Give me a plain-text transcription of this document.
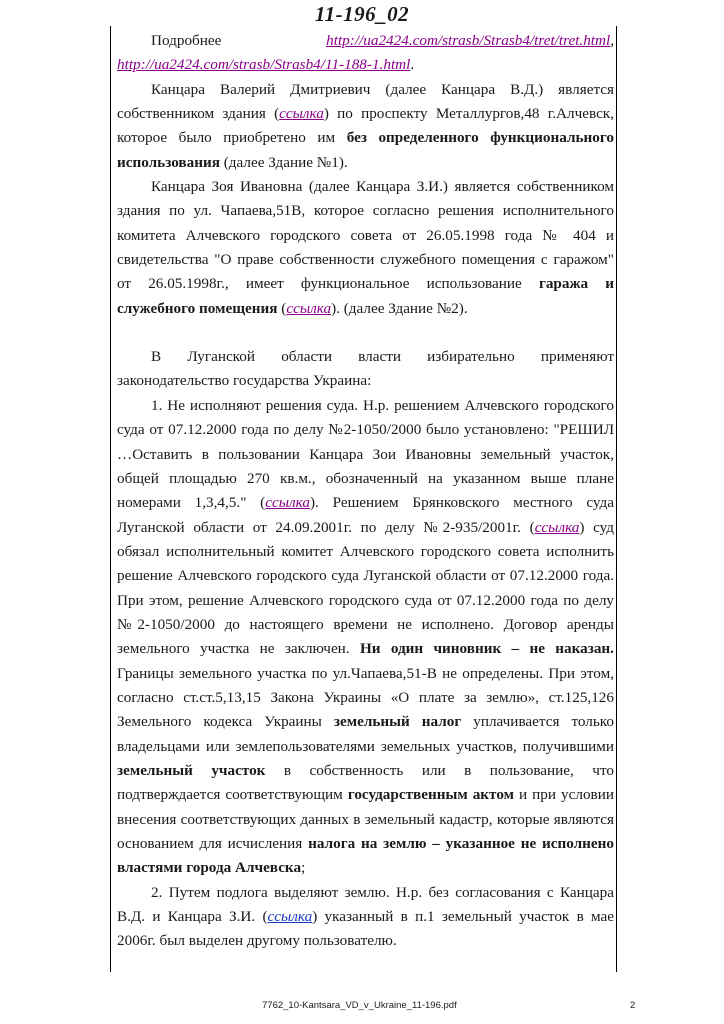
11-196_02

Подробнее	http://ua2424.com/strasb/Strasb4/tret/tret.html, http://ua2424.com/strasb/Strasb4/11-188-1.html.

Канцара Валерий Дмитриевич (далее Канцара В.Д.) является собственником здания (ссылка) по проспекту Металлургов,48 г.Алчевск, которое было приобретено им без определенного функционального использования (далее Здание №1).

Канцара Зоя Ивановна (далее Канцара З.И.) является собственником здания по ул. Чапаева,51В, которое согласно решения исполнительного комитета Алчевского городского совета от 26.05.1998 года № 404 и свидетельства "О праве собственности служебного помещения с гаражом" от 26.05.1998г., имеет функциональное использование гаража и служебного помещения (ссылка). (далее Здание №2).

В Луганской области власти избирательно применяют законодательство государства Украина:

1. Не исполняют решения суда. Н.р. решением Алчевского городского суда от 07.12.2000 года по делу №2-1050/2000 было установлено: "РЕШИЛ …Оставить в пользовании Канцара Зои Ивановны земельный участок, общей площадью 270 кв.м., обозначенный на указанном выше плане номерами 1,3,4,5." (ссылка). Решением Брянковского местного суда Луганской области от 24.09.2001г. по делу №2-935/2001г. (ссылка) суд обязал исполнительный комитет Алчевского городского совета исполнить решение Алчевского городского суда Луганской области от 07.12.2000 года. При этом, решение Алчевского городского суда от 07.12.2000 года по делу №2-1050/2000 до настоящего времени не исполнено. Договор аренды земельного участка не заключен. Ни один чиновник – не наказан. Границы земельного участка по ул.Чапаева,51-В не определены. При этом, согласно ст.ст.5,13,15 Закона Украины «О плате за землю», ст.125,126 Земельного кодекса Украины земельный налог уплачивается только владельцами или землепользователями земельных участков, получившими земельный участок в собственность или в пользование, что подтверждается соответствующим государственным актом и при условии внесения соответствующих данных в земельный кадастр, которые являются основанием для исчисления налога на землю – указанное не исполнено властями города Алчевска;

2. Путем подлога выделяют землю. Н.р. без согласования с Канцара В.Д. и Канцара З.И. (ссылка) указанный в п.1 земельный участок в мае 2006г. был выделен другому пользователю.

7762_10-Kantsara_VD_v_Ukraine_11-196.pdf	2
